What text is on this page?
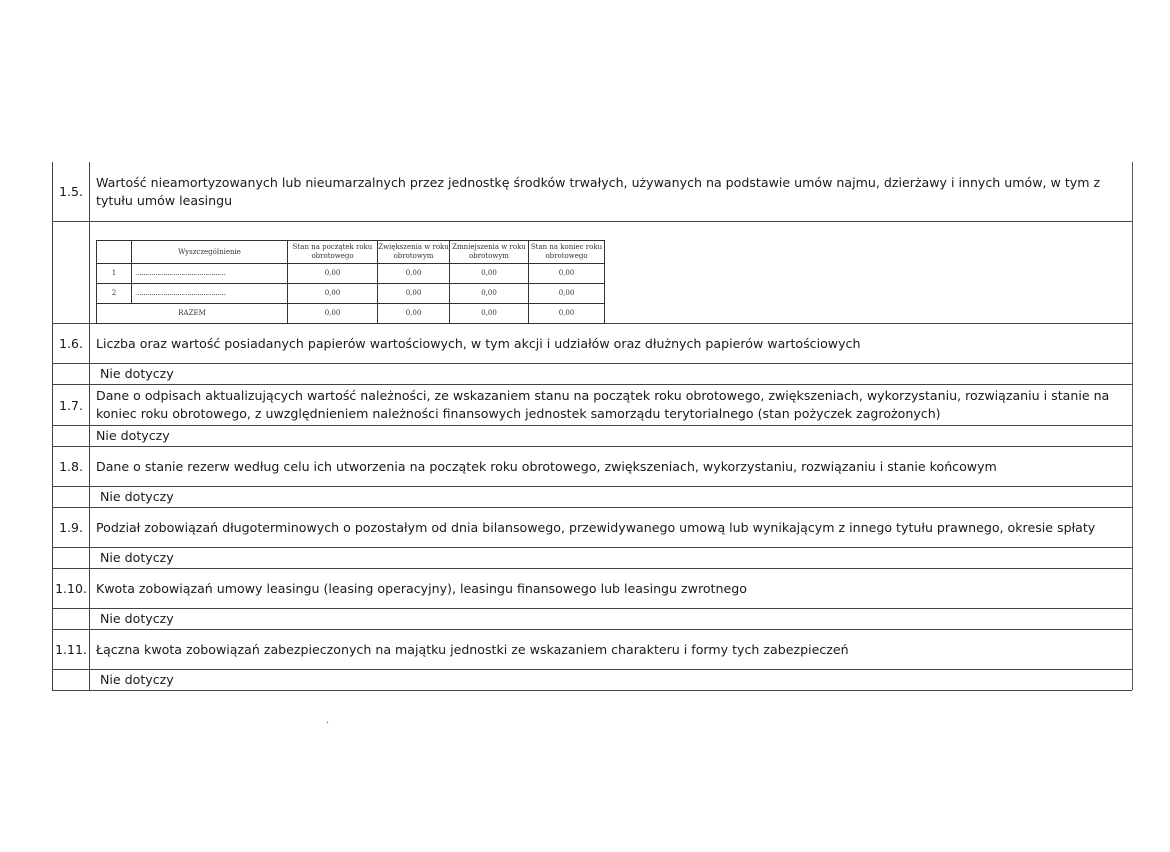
1.5.
Wartość nieamortyzowanych lub nieumarzalnych przez jednostkę środków trwałych, używanych na podstawie umów najmu, dzierżawy i innych umów, w tym z tytułu umów leasingu
	Wyszczególnienie	Stan na początek roku obrotowego	Zwiększenia w roku obrotowym	Zmniejszenia w roku obrotowym	Stan na koniec roku obrotowego
1	………………………………………	0,00	0,00	0,00	0,00
2	………………………………………	0,00	0,00	0,00	0,00
RAZEM		0,00	0,00	0,00	0,00
1.6.	Liczba oraz wartość posiadanych papierów wartościowych, w tym akcji i udziałów oraz dłużnych papierów wartościowych
Nie dotyczy
1.7.
Dane o odpisach aktualizujących wartość należności, ze wskazaniem stanu na początek roku obrotowego, zwiększeniach, wykorzystaniu, rozwiązaniu i stanie na koniec roku obrotowego, z uwzględnieniem należności finansowych jednostek samorządu terytorialnego (stan pożyczek zagrożonych)
Nie dotyczy
1.8.	Dane o stanie rezerw według celu ich utworzenia na początek roku obrotowego, zwiększeniach, wykorzystaniu, rozwiązaniu i stanie końcowym
Nie dotyczy
1.9.	Podział zobowiązań długoterminowych o pozostałym od dnia bilansowego, przewidywanego umową lub wynikającym z innego tytułu prawnego, okresie spłaty
Nie dotyczy
1.10. Kwota zobowiązań umowy leasingu (leasing operacyjny), leasingu finansowego lub leasingu zwrotnego
Nie dotyczy
1.11. Łączna kwota zobowiązań zabezpieczonych na majątku jednostki ze wskazaniem charakteru i formy tych zabezpieczeń
Nie dotyczy
·
